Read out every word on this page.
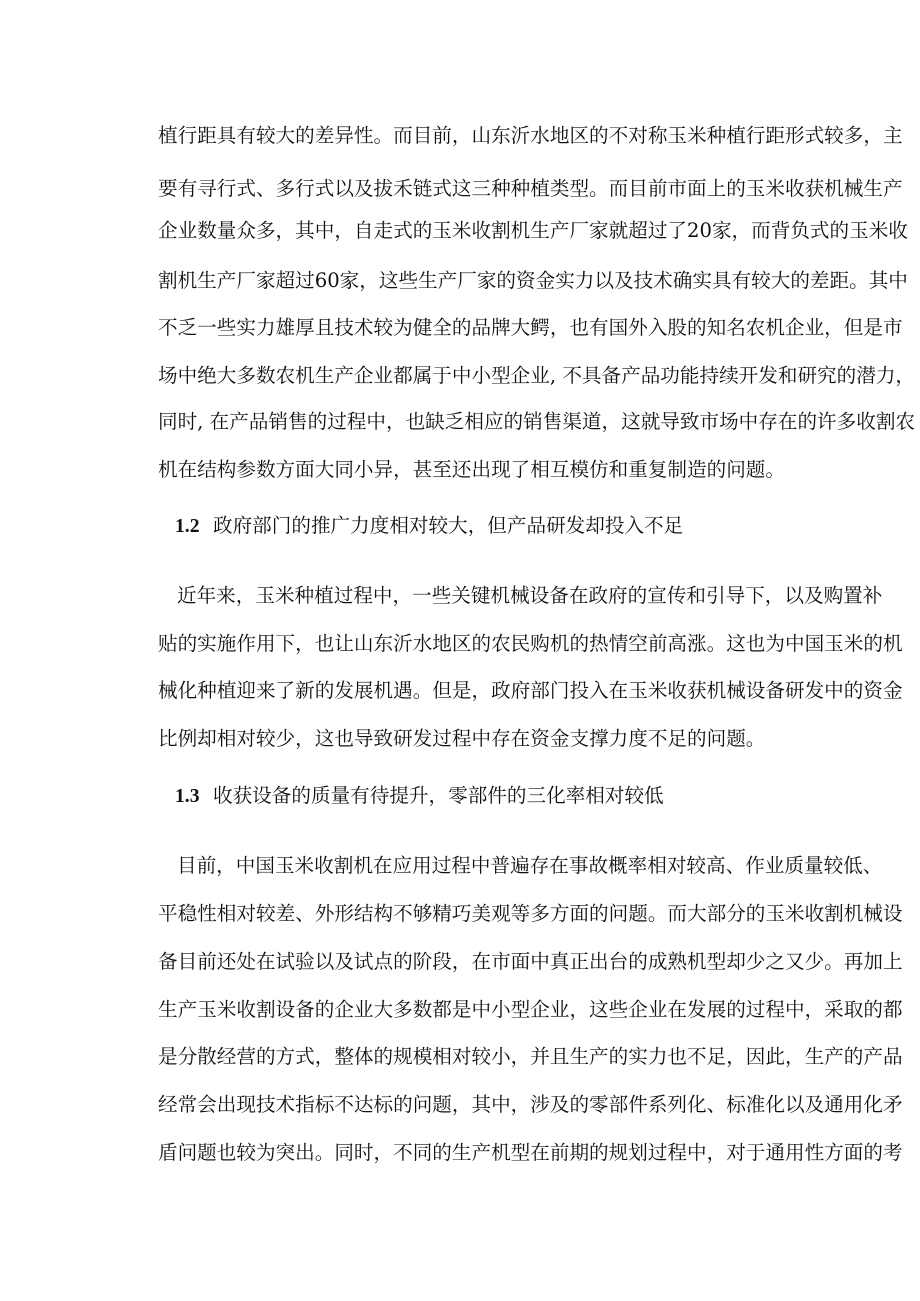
植行距具有较大的差异性。而目前，山东沂水地区的不对称玉米种植行距形式较多，主
要有寻行式、多行式以及拔禾链式这三种种植类型。而目前市面上的玉米收获机械生产
企业数量众多，其中，自走式的玉米收割机生产厂家就超过了20家，而背负式的玉米收
割机生产厂家超过60家，这些生产厂家的资金实力以及技术确实具有较大的差距。其中
不乏一些实力雄厚且技术较为健全的品牌大鳄，也有国外入股的知名农机企业，但是市
场中绝大多数农机生产企业都属于中小型企业, 不具备产品功能持续开发和研究的潜力，
同时, 在产品销售的过程中，也缺乏相应的销售渠道，这就导致市场中存在的许多收割农
机在结构参数方面大同小异，甚至还出现了相互模仿和重复制造的问题。
1.2 政府部门的推广力度相对较大，但产品研发却投入不足
近年来，玉米种植过程中，一些关键机械设备在政府的宣传和引导下，以及购置补
贴的实施作用下，也让山东沂水地区的农民购机的热情空前高涨。这也为中国玉米的机
械化种植迎来了新的发展机遇。但是，政府部门投入在玉米收获机械设备研发中的资金
比例却相对较少，这也导致研发过程中存在资金支撑力度不足的问题。
1.3 收获设备的质量有待提升，零部件的三化率相对较低
目前，中国玉米收割机在应用过程中普遍存在事故概率相对较高、作业质量较低、
平稳性相对较差、外形结构不够精巧美观等多方面的问题。而大部分的玉米收割机械设
备目前还处在试验以及试点的阶段，在市面中真正出台的成熟机型却少之又少。再加上
生产玉米收割设备的企业大多数都是中小型企业，这些企业在发展的过程中，采取的都
是分散经营的方式，整体的规模相对较小，并且生产的实力也不足，因此，生产的产品
经常会出现技术指标不达标的问题，其中，涉及的零部件系列化、标准化以及通用化矛
盾问题也较为突出。同时，不同的生产机型在前期的规划过程中，对于通用性方面的考
